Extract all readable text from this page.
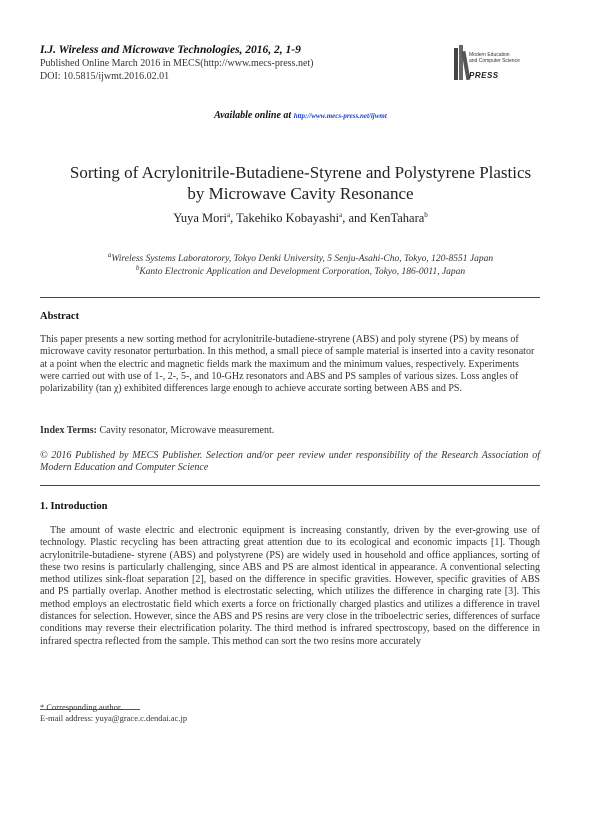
I.J. Wireless and Microwave Technologies, 2016, 2, 1-9
Published Online March 2016 in MECS(http://www.mecs-press.net)
DOI: 10.5815/ijwmt.2016.02.01
Modern Education
and Computer Science
PRESS
Available online at http://www.mecs-press.net/ijwmt
Sorting of Acrylonitrile-Butadiene-Styrene and Polystyrene Plastics
by Microwave Cavity Resonance
Yuya Mori$^a$, Takehiko Kobayashi$^a$, and KenTahara$^b$
$^a$Wireless Systems Laboratorory, Tokyo Denki University, 5 Senju-Asahi-Cho, Tokyo, 120-8551 Japan
$^b$Kanto Electronic Application and Development Corporation, Tokyo, 186-0011, Japan
Abstract
This paper presents a new sorting method for acrylonitrile-butadiene-stryrene (ABS) and poly styrene (PS) by means of microwave cavity resonator perturbation. In this method, a small piece of sample material is inserted into a cavity resonator at a point when the electric and magnetic fields mark the maximum and the minimum values, respectively. Experiments were carried out with use of 1-, 2-, 5-, and 10-GHz resonators and ABS and PS samples of various sizes. Loss angles of polarizability (tan χ) exhibited differences large enough to achieve accurate sorting between ABS and PS.
Index Terms: Cavity resonator, Microwave measurement.
© 2016 Published by MECS Publisher. Selection and/or peer review under responsibility of the Research Association of Modern Education and Computer Science
1. Introduction
The amount of waste electric and electronic equipment is increasing constantly, driven by the ever-growing use of technology. Plastic recycling has been attracting great attention due to its ecological and economic impacts [1]. Though acrylonitrile-butadiene- styrene (ABS) and polystyrene (PS) are widely used in household and office appliances, sorting of these two resins is particularly challenging, since ABS and PS are almost identical in appearance. A conventional selecting method utilizes sink-float separation [2], based on the difference in specific gravities. However, specific gravities of ABS and PS partially overlap. Another method is electrostatic selecting, which utilizes the difference in charging rate [3]. This method employs an electrostatic field which exerts a force on frictionally charged plastics and utilizes a difference in travel distances for selection. However, since the ABS and PS resins are very close in the triboelectric series, differences of surface conditions may reverse their electrification polarity. The third method is infrared spectroscopy, based on the difference in infrared spectra reflected from the sample. This method can sort the two resins more accurately
* Corresponding author.
E-mail address: yuya@grace.c.dendai.ac.jp
